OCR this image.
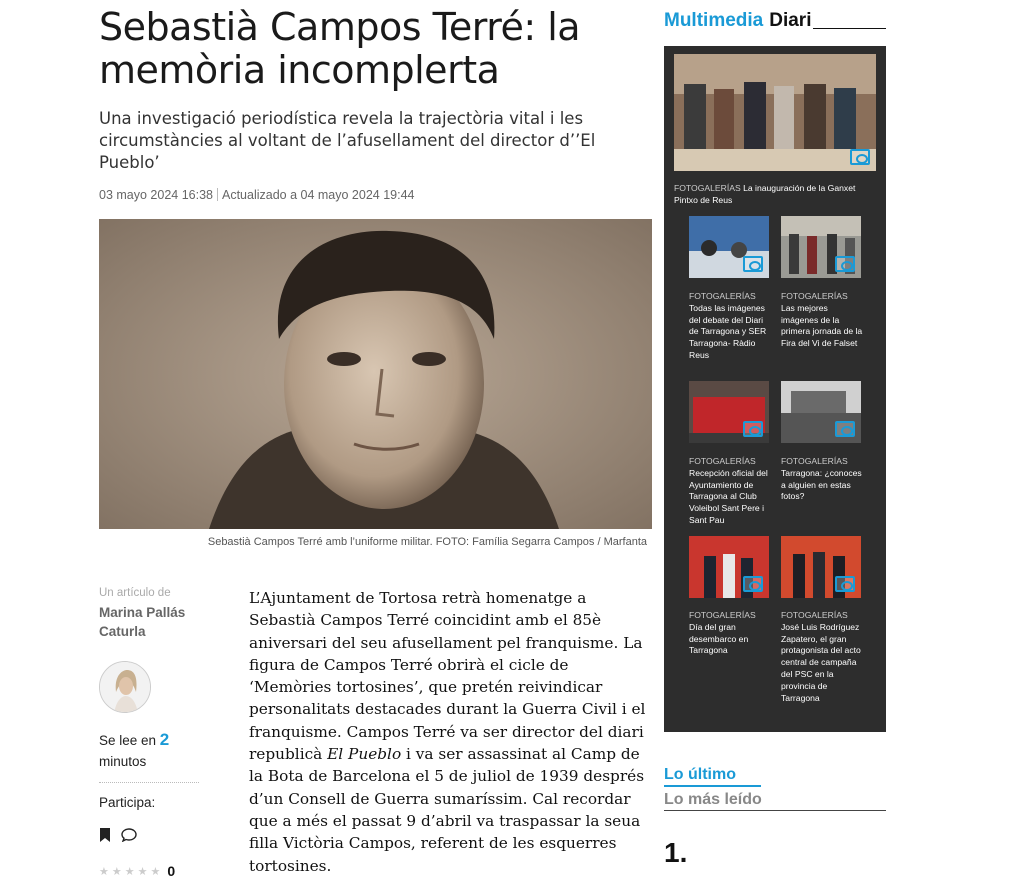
Sebastià Campos Terré: la memòria incomplerta

Una investigació periodística revela la trajectòria vital i les circumstàncies al voltant de l’afusellament del director d’’El Pueblo’

03 mayo 2024 16:38 Actualizado a 04 mayo 2024 19:44
Sebastià Campos Terré amb l’uniforme militar. FOTO: Família Segarra Campos / Marfanta
Un artículo de
Marina Pallás Caturla
Se lee en 2
minutos
Participa:
★ ★ ★ ★ ★ 0
L’Ajuntament de Tortosa retrà homenatge a Sebastià Campos Terré coincidint amb el 85è aniversari del seu afusellament pel franquisme. La figura de Campos Terré obrirà el cicle de ‘Memòries tortosines’, que pretén reivindicar personalitats destacades durant la Guerra Civil i el franquisme. Campos Terré va ser director del diari republicà El Pueblo i va ser assassinat al Camp de la Bota de Barcelona el 5 de juliol de 1939 després d’un Consell de Guerra sumaríssim. Cal recordar que a més el passat 9 d’abril va traspassar la seua filla Victòria Campos, referent de les esquerres tortosines.
Multimedia Diari
FOTOGALERÍAS La inauguración de la Ganxet Pintxo de Reus
FOTOGALERÍAS
Todas las imágenes del debate del Diari de Tarragona y SER Tarragona- Ràdio Reus
FOTOGALERÍAS Las mejores imágenes de la primera jornada de la Fira del Vi de Falset
FOTOGALERÍAS
Recepción oficial del Ayuntamiento de Tarragona al Club Voleibol Sant Pere i Sant Pau
FOTOGALERÍAS
Tarragona: ¿conoces a alguien en estas fotos?
FOTOGALERÍAS Día del gran desembarco en Tarragona
FOTOGALERÍAS
José Luis Rodríguez Zapatero, el gran protagonista del acto central de campaña del PSC en la provincia de Tarragona
Lo último
Lo más leído
1.
